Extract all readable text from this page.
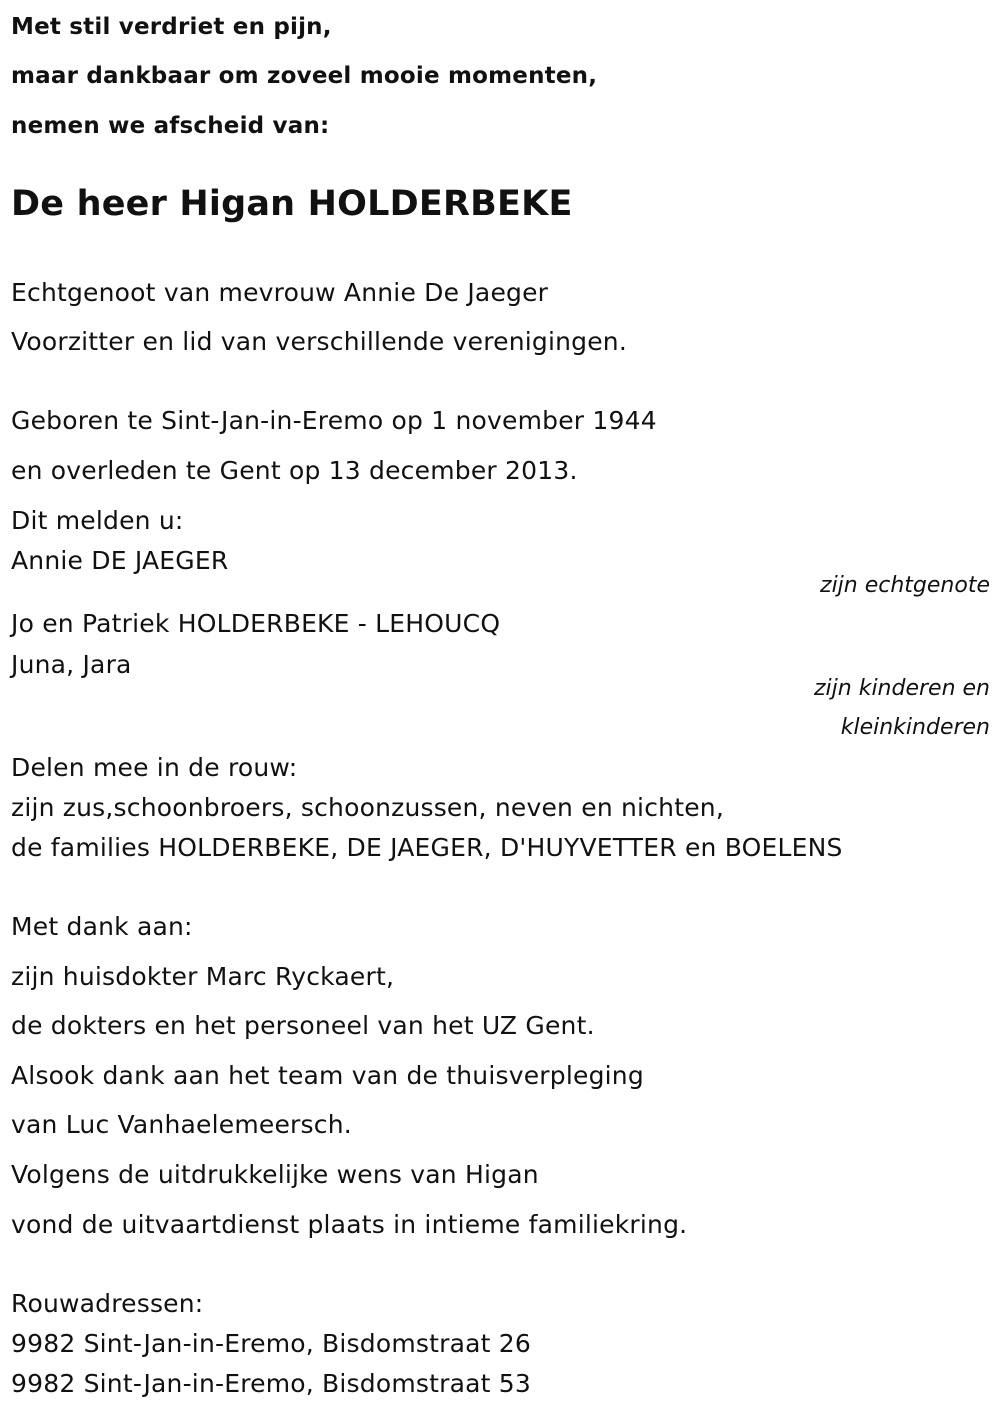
Met stil verdriet en pijn,
maar dankbaar om zoveel mooie momenten,
nemen we afscheid van:
De heer Higan HOLDERBEKE
Echtgenoot van mevrouw Annie De Jaeger
Voorzitter en lid van verschillende verenigingen.
Geboren te Sint-Jan-in-Eremo op 1 november 1944
en overleden te Gent op 13 december 2013.
Dit melden u:
Annie DE JAEGER
zijn echtgenote
Jo en Patriek HOLDERBEKE - LEHOUCQ
Juna, Jara
zijn kinderen en
kleinkinderen
Delen mee in de rouw:
zijn zus,schoonbroers, schoonzussen, neven en nichten,
de families HOLDERBEKE, DE JAEGER, D'HUYVETTER en BOELENS
Met dank aan:
zijn huisdokter Marc Ryckaert,
de dokters en het personeel van het UZ Gent.
Alsook dank aan het team van de thuisverpleging
van Luc Vanhaelemeersch.
Volgens de uitdrukkelijke wens van Higan
vond de uitvaartdienst plaats in intieme familiekring.
Rouwadressen:
9982 Sint-Jan-in-Eremo, Bisdomstraat 26
9982 Sint-Jan-in-Eremo, Bisdomstraat 53
